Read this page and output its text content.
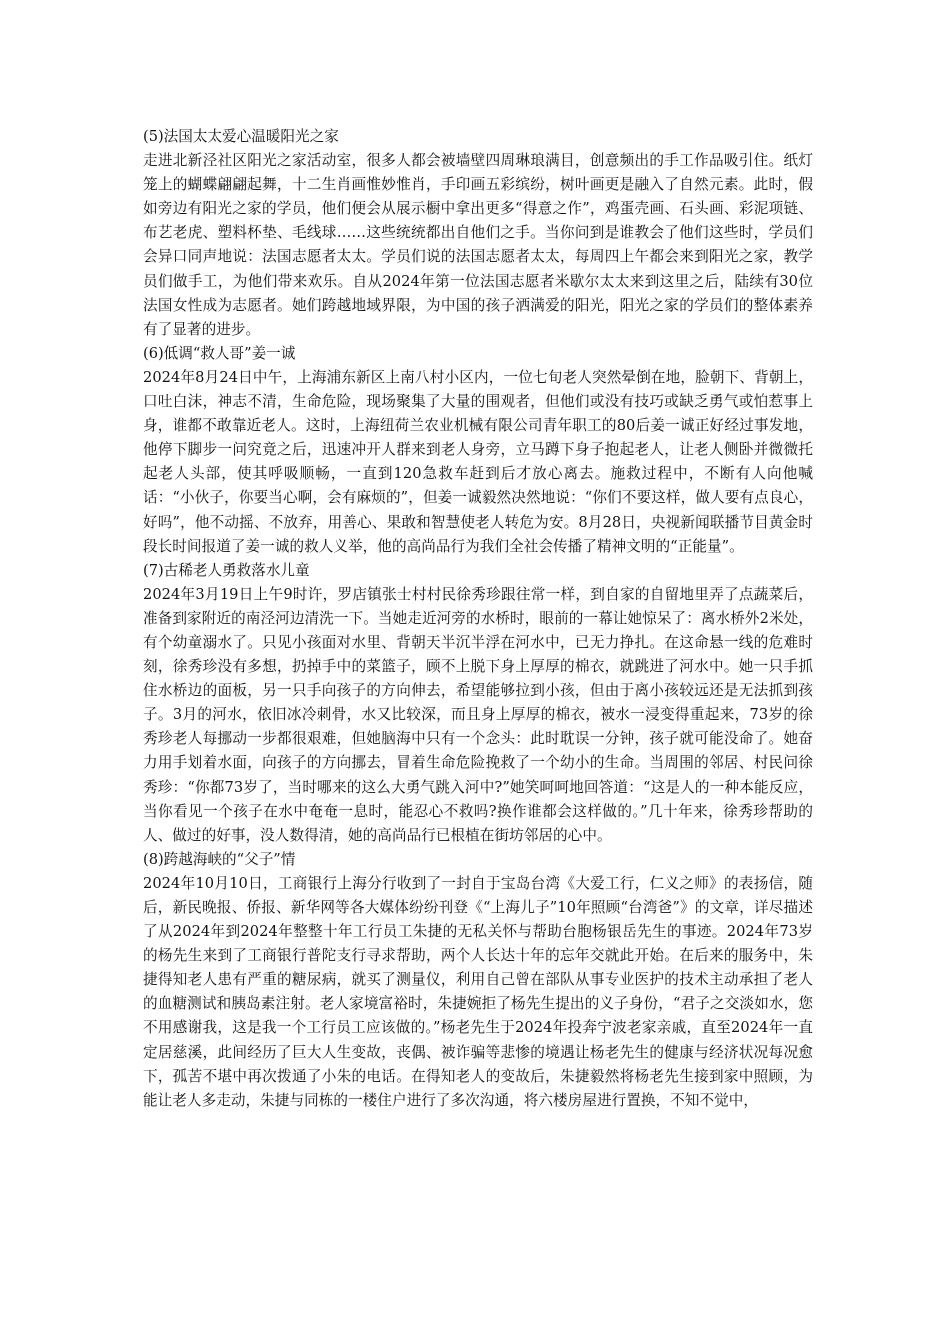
(5)法国太太爱心温暖阳光之家

走进北新泾社区阳光之家活动室，很多人都会被墙壁四周琳琅满目，创意频出的手工作品吸引住。纸灯笼上的蝴蝶翩翩起舞，十二生肖画惟妙惟肖，手印画五彩缤纷，树叶画更是融入了自然元素。此时，假如旁边有阳光之家的学员，他们便会从展示橱中拿出更多“得意之作”，鸡蛋壳画、石头画、彩泥项链、布艺老虎、塑料杯垫、毛线球……这些统统都出自他们之手。当你问到是谁教会了他们这些时，学员们会异口同声地说：法国志愿者太太。学员们说的法国志愿者太太，每周四上午都会来到阳光之家，教学员们做手工，为他们带来欢乐。自从2024年第一位法国志愿者米歇尔太太来到这里之后，陆续有30位法国女性成为志愿者。她们跨越地域界限，为中国的孩子洒满爱的阳光，阳光之家的学员们的整体素养有了显著的进步。

(6)低调“救人哥”姜一诚

2024年8月24日中午，上海浦东新区上南八村小区内，一位七旬老人突然晕倒在地，脸朝下、背朝上，口吐白沫，神志不清，生命危险，现场聚集了大量的围观者，但他们或没有技巧或缺乏勇气或怕惹事上身，谁都不敢靠近老人。这时，上海纽荷兰农业机械有限公司青年职工的80后姜一诚正好经过事发地，他停下脚步一问究竟之后，迅速冲开人群来到老人身旁，立马蹲下身子抱起老人，让老人侧卧并微微托起老人头部，使其呼吸顺畅，一直到120急救车赶到后才放心离去。施救过程中，不断有人向他喊话：“小伙子，你要当心啊，会有麻烦的”，但姜一诚毅然决然地说：“你们不要这样，做人要有点良心，好吗”，他不动摇、不放弃，用善心、果敢和智慧使老人转危为安。8月28日，央视新闻联播节目黄金时段长时间报道了姜一诚的救人义举，他的高尚品行为我们全社会传播了精神文明的“正能量”。

(7)古稀老人勇救落水儿童

2024年3月19日上午9时许，罗店镇张士村村民徐秀珍跟往常一样，到自家的自留地里弄了点蔬菜后，准备到家附近的南泾河边清洗一下。当她走近河旁的水桥时，眼前的一幕让她惊呆了：离水桥外2米处，有个幼童溺水了。只见小孩面对水里、背朝天半沉半浮在河水中，已无力挣扎。在这命悬一线的危难时刻，徐秀珍没有多想，扔掉手中的菜篮子，顾不上脱下身上厚厚的棉衣，就跳进了河水中。她一只手抓住水桥边的面板，另一只手向孩子的方向伸去，希望能够拉到小孩，但由于离小孩较远还是无法抓到孩子。3月的河水，依旧冰冷刺骨，水又比较深，而且身上厚厚的棉衣，被水一浸变得重起来，73岁的徐秀珍老人每挪动一步都很艰难，但她脑海中只有一个念头：此时耽误一分钟，孩子就可能没命了。她奋力用手划着水面，向孩子的方向挪去，冒着生命危险挽救了一个幼小的生命。当周围的邻居、村民问徐秀珍：“你都73岁了，当时哪来的这么大勇气跳入河中?”她笑呵呵地回答道：“这是人的一种本能反应，当你看见一个孩子在水中奄奄一息时，能忍心不救吗?换作谁都会这样做的。”几十年来，徐秀珍帮助的人、做过的好事，没人数得清，她的高尚品行已根植在街坊邻居的心中。

(8)跨越海峡的“父子”情

2024年10月10日，工商银行上海分行收到了一封自于宝岛台湾《大爱工行，仁义之师》的表扬信，随后，新民晚报、侨报、新华网等各大媒体纷纷刊登《“上海儿子”10年照顾“台湾爸”》的文章，详尽描述了从2024年到2024年整整十年工行员工朱捷的无私关怀与帮助台胞杨银岳先生的事迹。2024年73岁的杨先生来到了工商银行普陀支行寻求帮助，两个人长达十年的忘年交就此开始。在后来的服务中，朱捷得知老人患有严重的糖尿病，就买了测量仪，利用自己曾在部队从事专业医护的技术主动承担了老人的血糖测试和胰岛素注射。老人家境富裕时，朱捷婉拒了杨先生提出的义子身份，“君子之交淡如水，您不用感谢我，这是我一个工行员工应该做的。”杨老先生于2024年投奔宁波老家亲戚，直至2024年一直定居慈溪，此间经历了巨大人生变故，丧偶、被诈骗等悲惨的境遇让杨老先生的健康与经济状况每况愈下，孤苦不堪中再次拨通了小朱的电话。在得知老人的变故后，朱捷毅然将杨老先生接到家中照顾，为能让老人多走动，朱捷与同栋的一楼住户进行了多次沟通，将六楼房屋进行置换，不知不觉中，
